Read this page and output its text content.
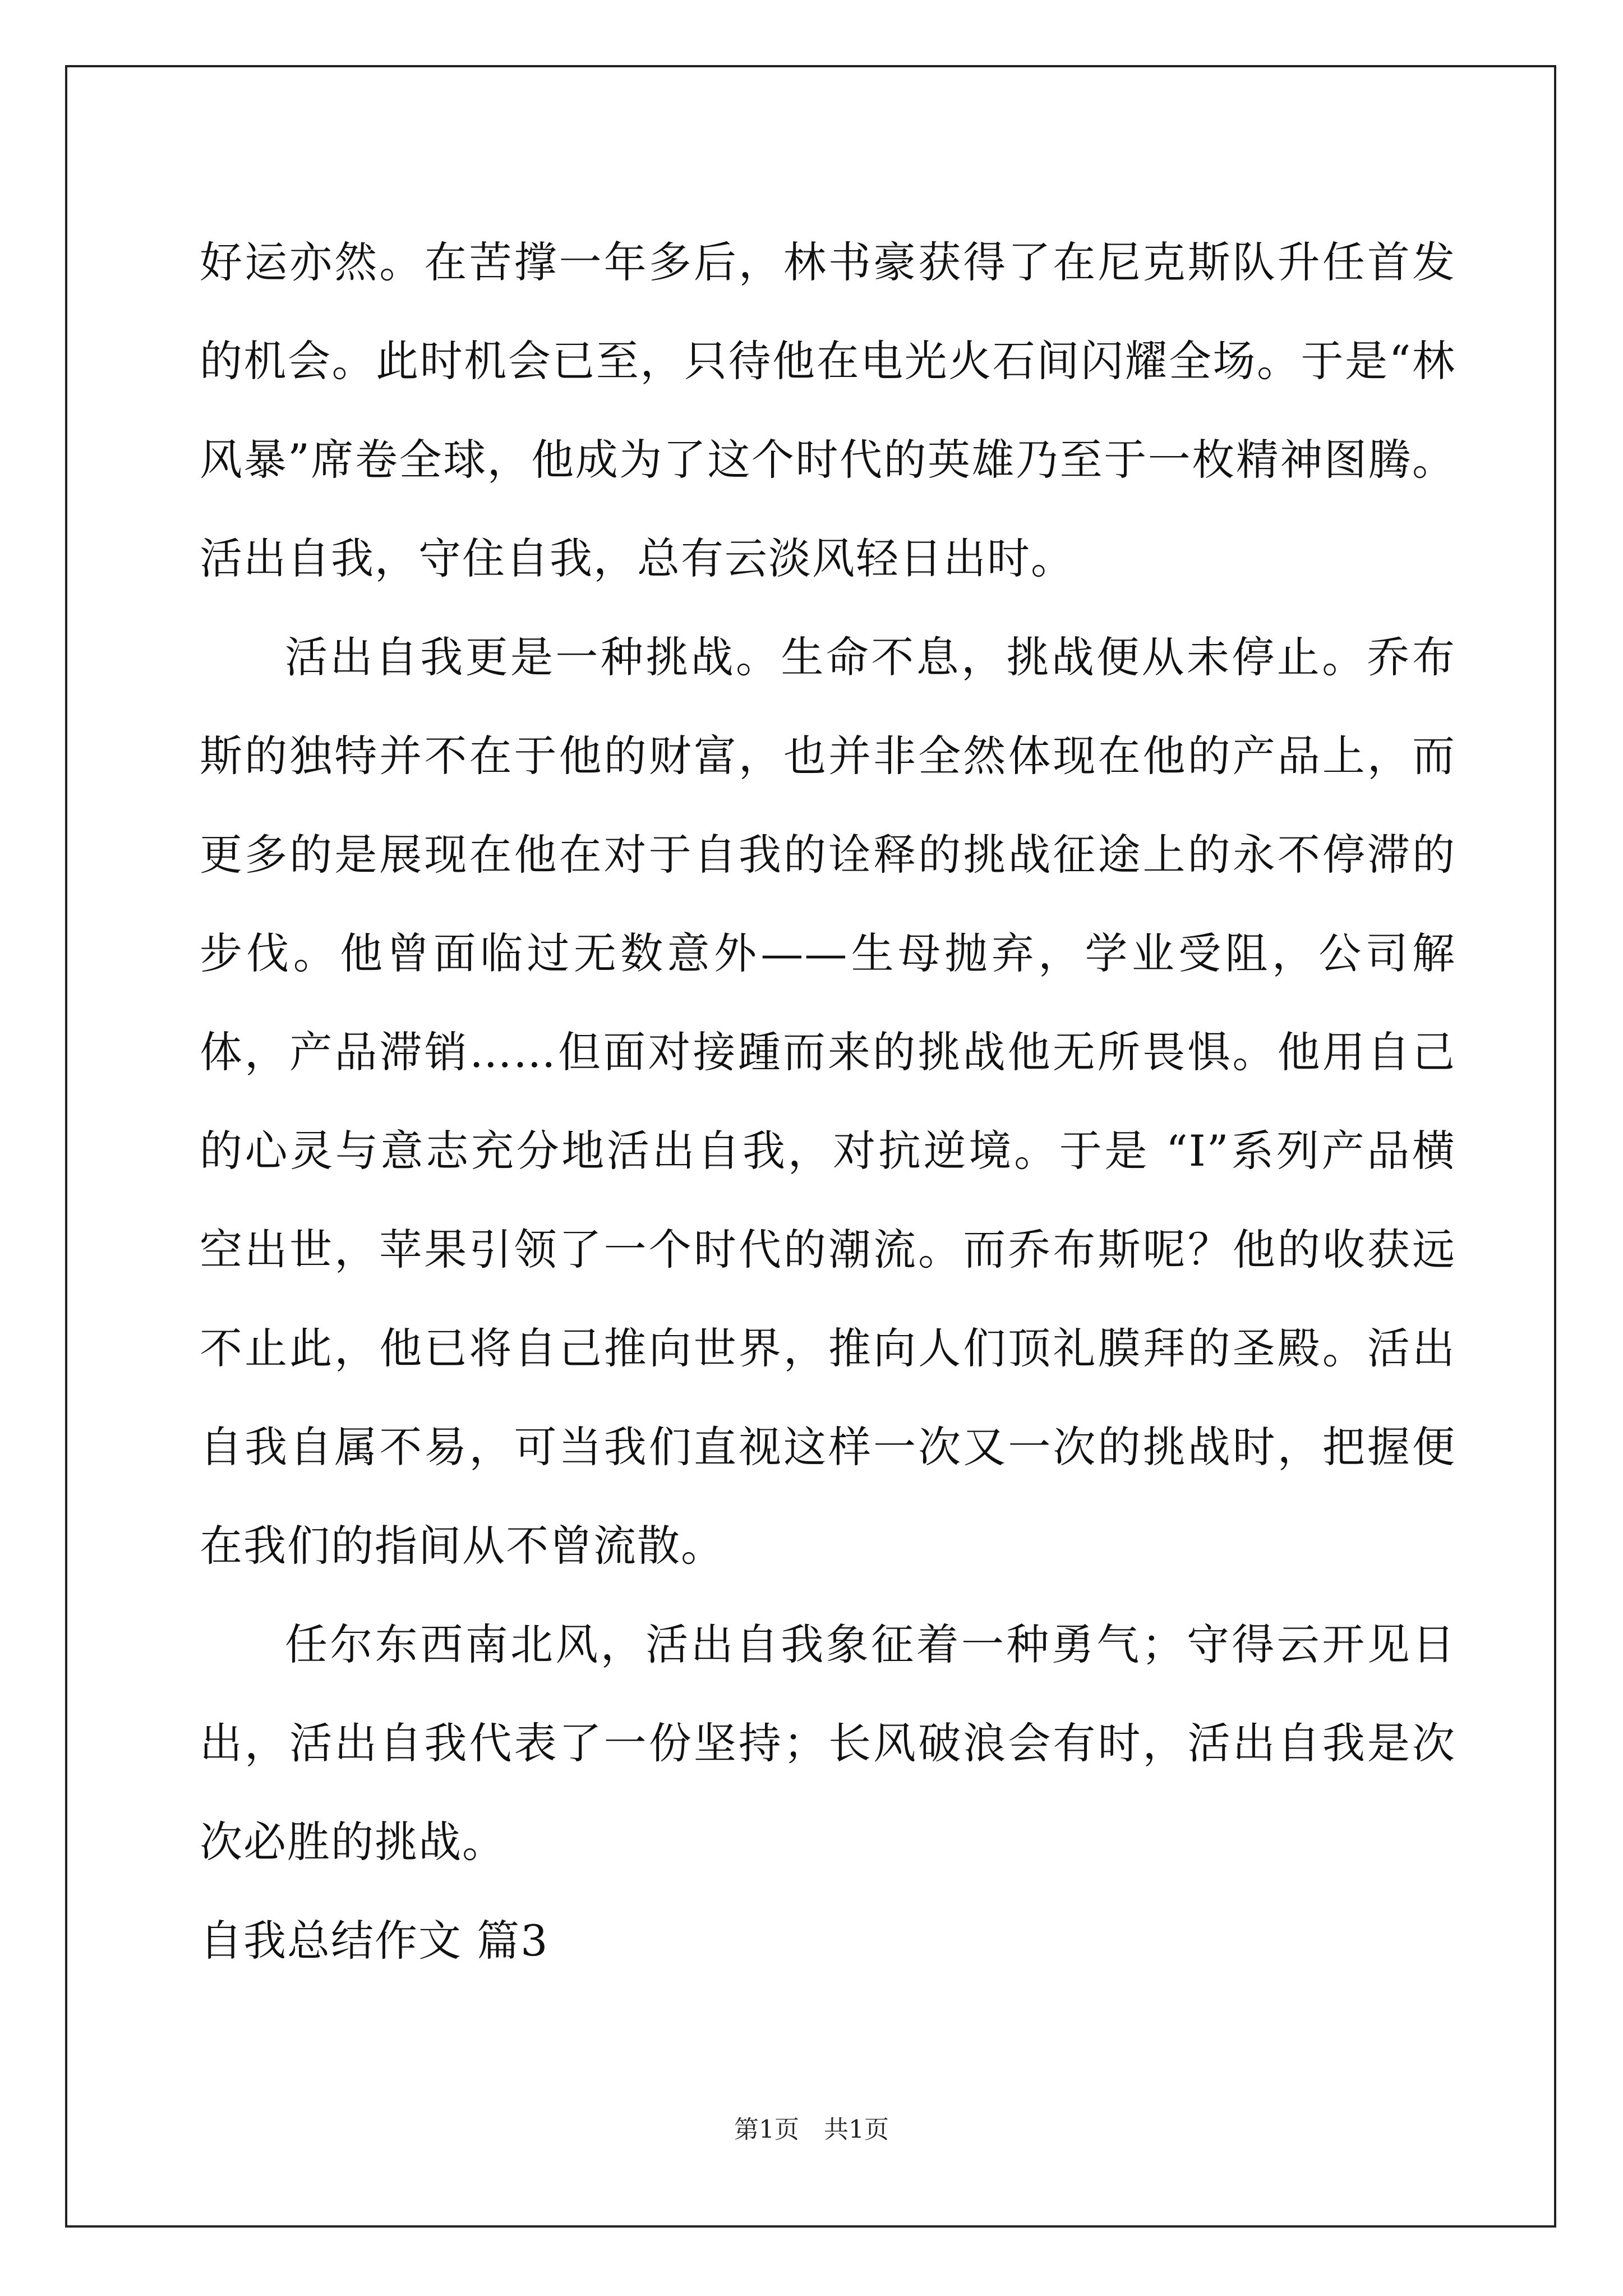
好运亦然。在苦撑一年多后，林书豪获得了在尼克斯队升任首发的机会。此时机会已至，只待他在电光火石间闪耀全场。于是“林风暴”席卷全球，他成为了这个时代的英雄乃至于一枚精神图腾。活出自我，守住自我，总有云淡风轻日出时。

活出自我更是一种挑战。生命不息，挑战便从未停止。乔布斯的独特并不在于他的财富，也并非全然体现在他的产品上，而更多的是展现在他在对于自我的诠释的挑战征途上的永不停滞的步伐。他曾面临过无数意外——生母抛弃，学业受阻，公司解体，产品滞销……但面对接踵而来的挑战他无所畏惧。他用自己的心灵与意志充分地活出自我，对抗逆境。于是 “I”系列产品横空出世，苹果引领了一个时代的潮流。而乔布斯呢？他的收获远不止此，他已将自己推向世界，推向人们顶礼膜拜的圣殿。活出自我自属不易，可当我们直视这样一次又一次的挑战时，把握便在我们的指间从不曾流散。

任尔东西南北风，活出自我象征着一种勇气；守得云开见日出，活出自我代表了一份坚持；长风破浪会有时，活出自我是次次必胜的挑战。

自我总结作文 篇3
第1页 共1页
